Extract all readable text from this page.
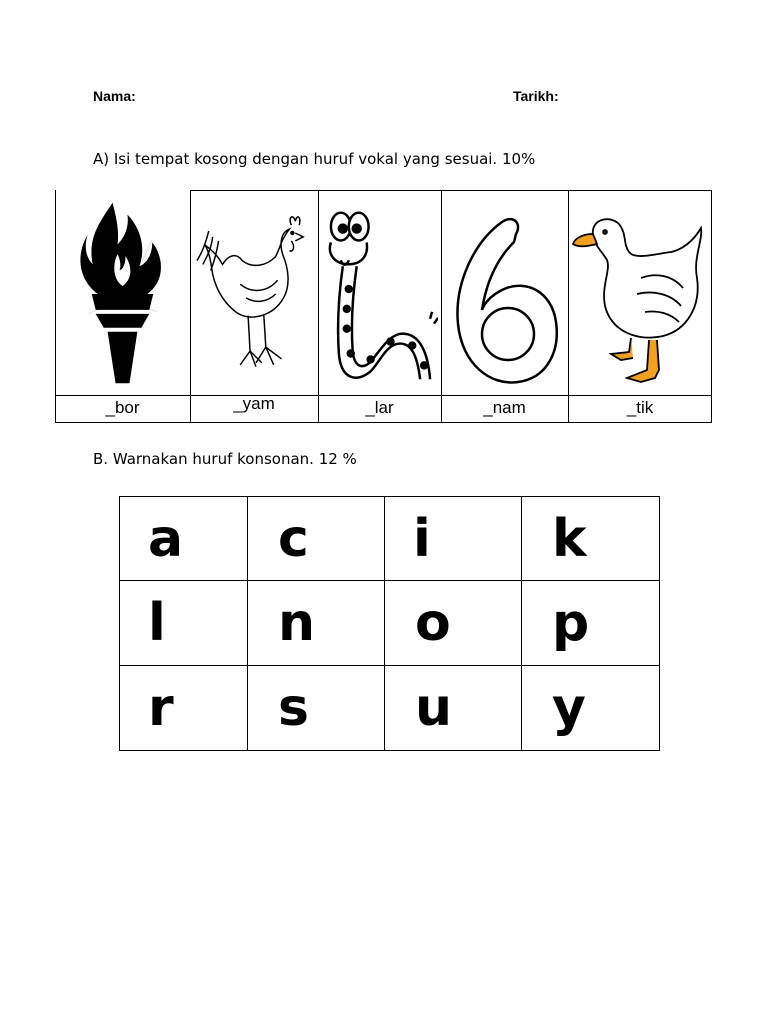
Nama:	Tarikh:
A) Isi tempat kosong dengan huruf vokal yang sesuai. 10%
_bor	_yam	_lar	_nam	_tik
B. Warnakan huruf konsonan. 12 %
a	c	i	k
l	n	o	p
r	s	u	y
